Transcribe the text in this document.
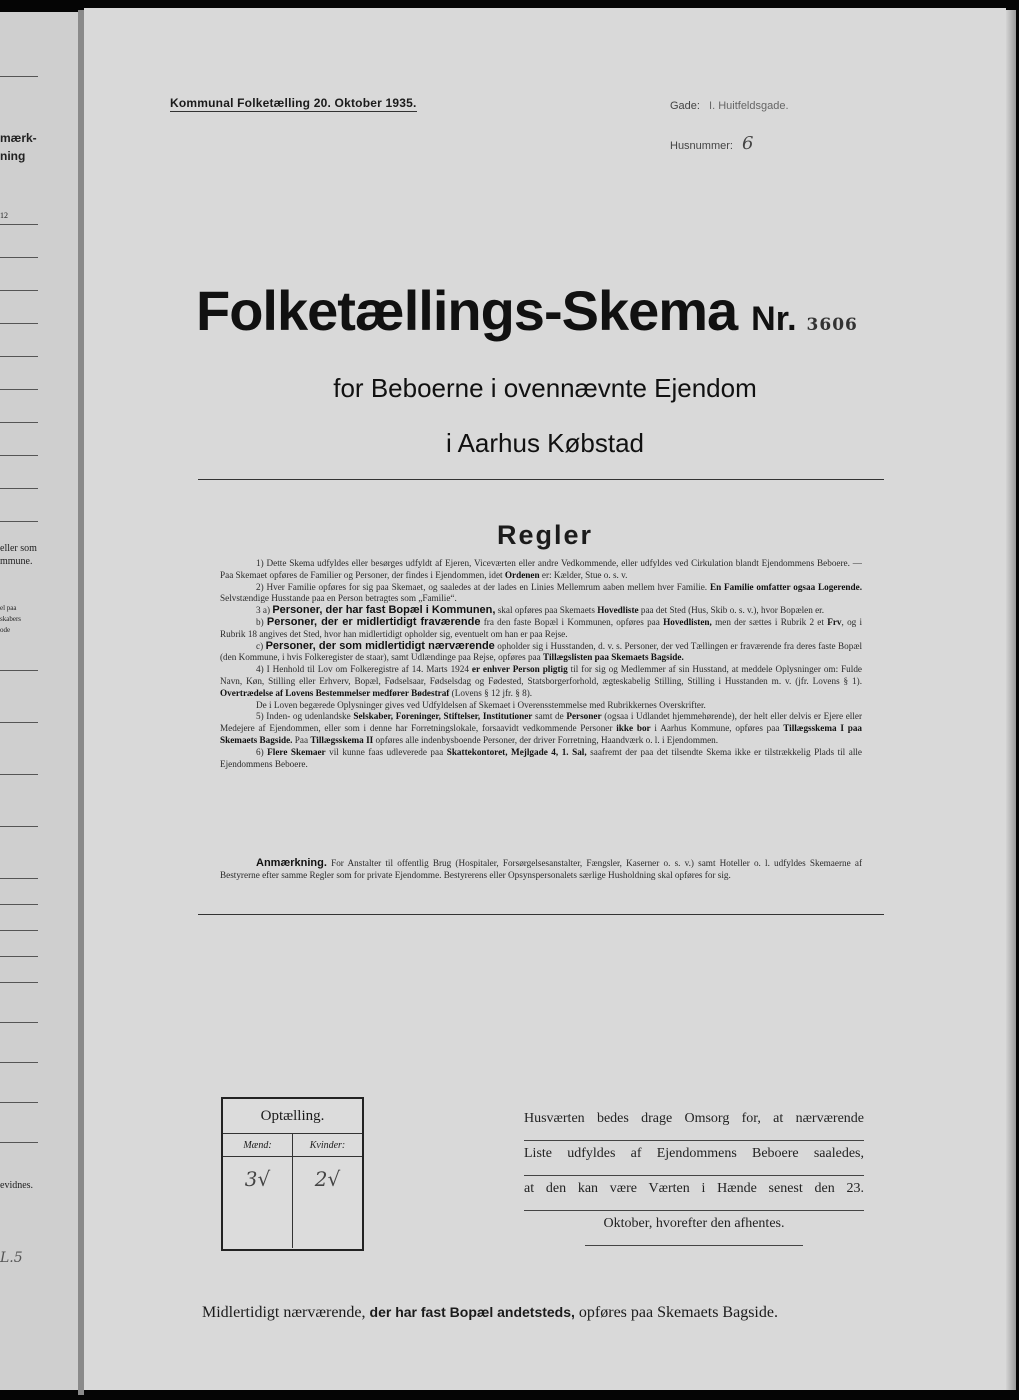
mærk-
ning
12
eller som
mmune.
el paa
skabers
ode
evidnes.
L.5
Kommunal Folketælling 20. Oktober 1935.	Gade: I. Huitfeldsgade.
Husnummer: 6
Folketællings-Skema Nr. 3606
for Beboerne i ovennævnte Ejendom
i Aarhus Købstad
Regler

1) Dette Skema udfyldes eller besørges udfyldt af Ejeren, Viceværten eller andre Vedkommende, eller udfyldes ved Cirkulation blandt Ejendommens Beboere. — Paa Skemaet opføres de Familier og Personer, der findes i Ejendommen, idet Ordenen er: Kælder, Stue o. s. v.

2) Hver Familie opføres for sig paa Skemaet, og saaledes at der lades en Linies Mellemrum aaben mellem hver Familie. En Familie omfatter ogsaa Logerende. Selvstændige Husstande paa en Person betragtes som „Familie“.

3 a) Personer, der har fast Bopæl i Kommunen, skal opføres paa Skemaets Hovedliste paa det Sted (Hus, Skib o. s. v.), hvor Bopælen er.

b) Personer, der er midlertidigt fraværende fra den faste Bopæl i Kommunen, opføres paa Hovedlisten, men der sættes i Rubrik 2 et Frv, og i Rubrik 18 angives det Sted, hvor han midlertidigt opholder sig, eventuelt om han er paa Rejse.

c) Personer, der som midlertidigt nærværende opholder sig i Husstanden, d. v. s. Personer, der ved Tællingen er fraværende fra deres faste Bopæl (den Kommune, i hvis Folkeregister de staar), samt Udlændinge paa Rejse, opføres paa Tillægslisten paa Skemaets Bagside.

4) I Henhold til Lov om Folkeregistre af 14. Marts 1924 er enhver Person pligtig til for sig og Medlemmer af sin Husstand, at meddele Oplysninger om: Fulde Navn, Køn, Stilling eller Erhverv, Bopæl, Fødselsaar, Fødselsdag og Fødested, Statsborgerforhold, ægteskabelig Stilling, Stilling i Husstanden m. v. (jfr. Lovens § 1). Overtrædelse af Lovens Bestemmelser medfører Bødestraf (Lovens § 12 jfr. § 8).

De i Loven begærede Oplysninger gives ved Udfyldelsen af Skemaet i Overensstemmelse med Rubrikkernes Overskrifter.

5) Inden- og udenlandske Selskaber, Foreninger, Stiftelser, Institutioner samt de Personer (ogsaa i Udlandet hjemmehørende), der helt eller delvis er Ejere eller Medejere af Ejendommen, eller som i denne har Forretningslokale, forsaavidt vedkommende Personer ikke bor i Aarhus Kommune, opføres paa Tillægsskema I paa Skemaets Bagside. Paa Tillægsskema II opføres alle indenbysboende Personer, der driver Forretning, Haandværk o. l. i Ejendommen.

6) Flere Skemaer vil kunne faas udleverede paa Skattekontoret, Mejlgade 4, 1. Sal, saafremt der paa det tilsendte Skema ikke er tilstrækkelig Plads til alle Ejendommens Beboere.

Anmærkning. For Anstalter til offentlig Brug (Hospitaler, Forsørgelsesanstalter, Fængsler, Kaserner o. s. v.) samt Hoteller o. l. udfyldes Skemaerne af Bestyrerne efter samme Regler som for private Ejendomme. Bestyrerens eller Opsynspersonalets særlige Husholdning skal opføres for sig.
Optælling.
Mænd:
3√
Kvinder:
2√
Husværten bedes drage Omsorg for, at nærværende
Liste udfyldes af Ejendommens Beboere saaledes,
at den kan være Værten i Hænde senest den 23.
Oktober, hvorefter den afhentes.
Midlertidigt nærværende, der har fast Bopæl andetsteds, opføres paa Skemaets Bagside.
